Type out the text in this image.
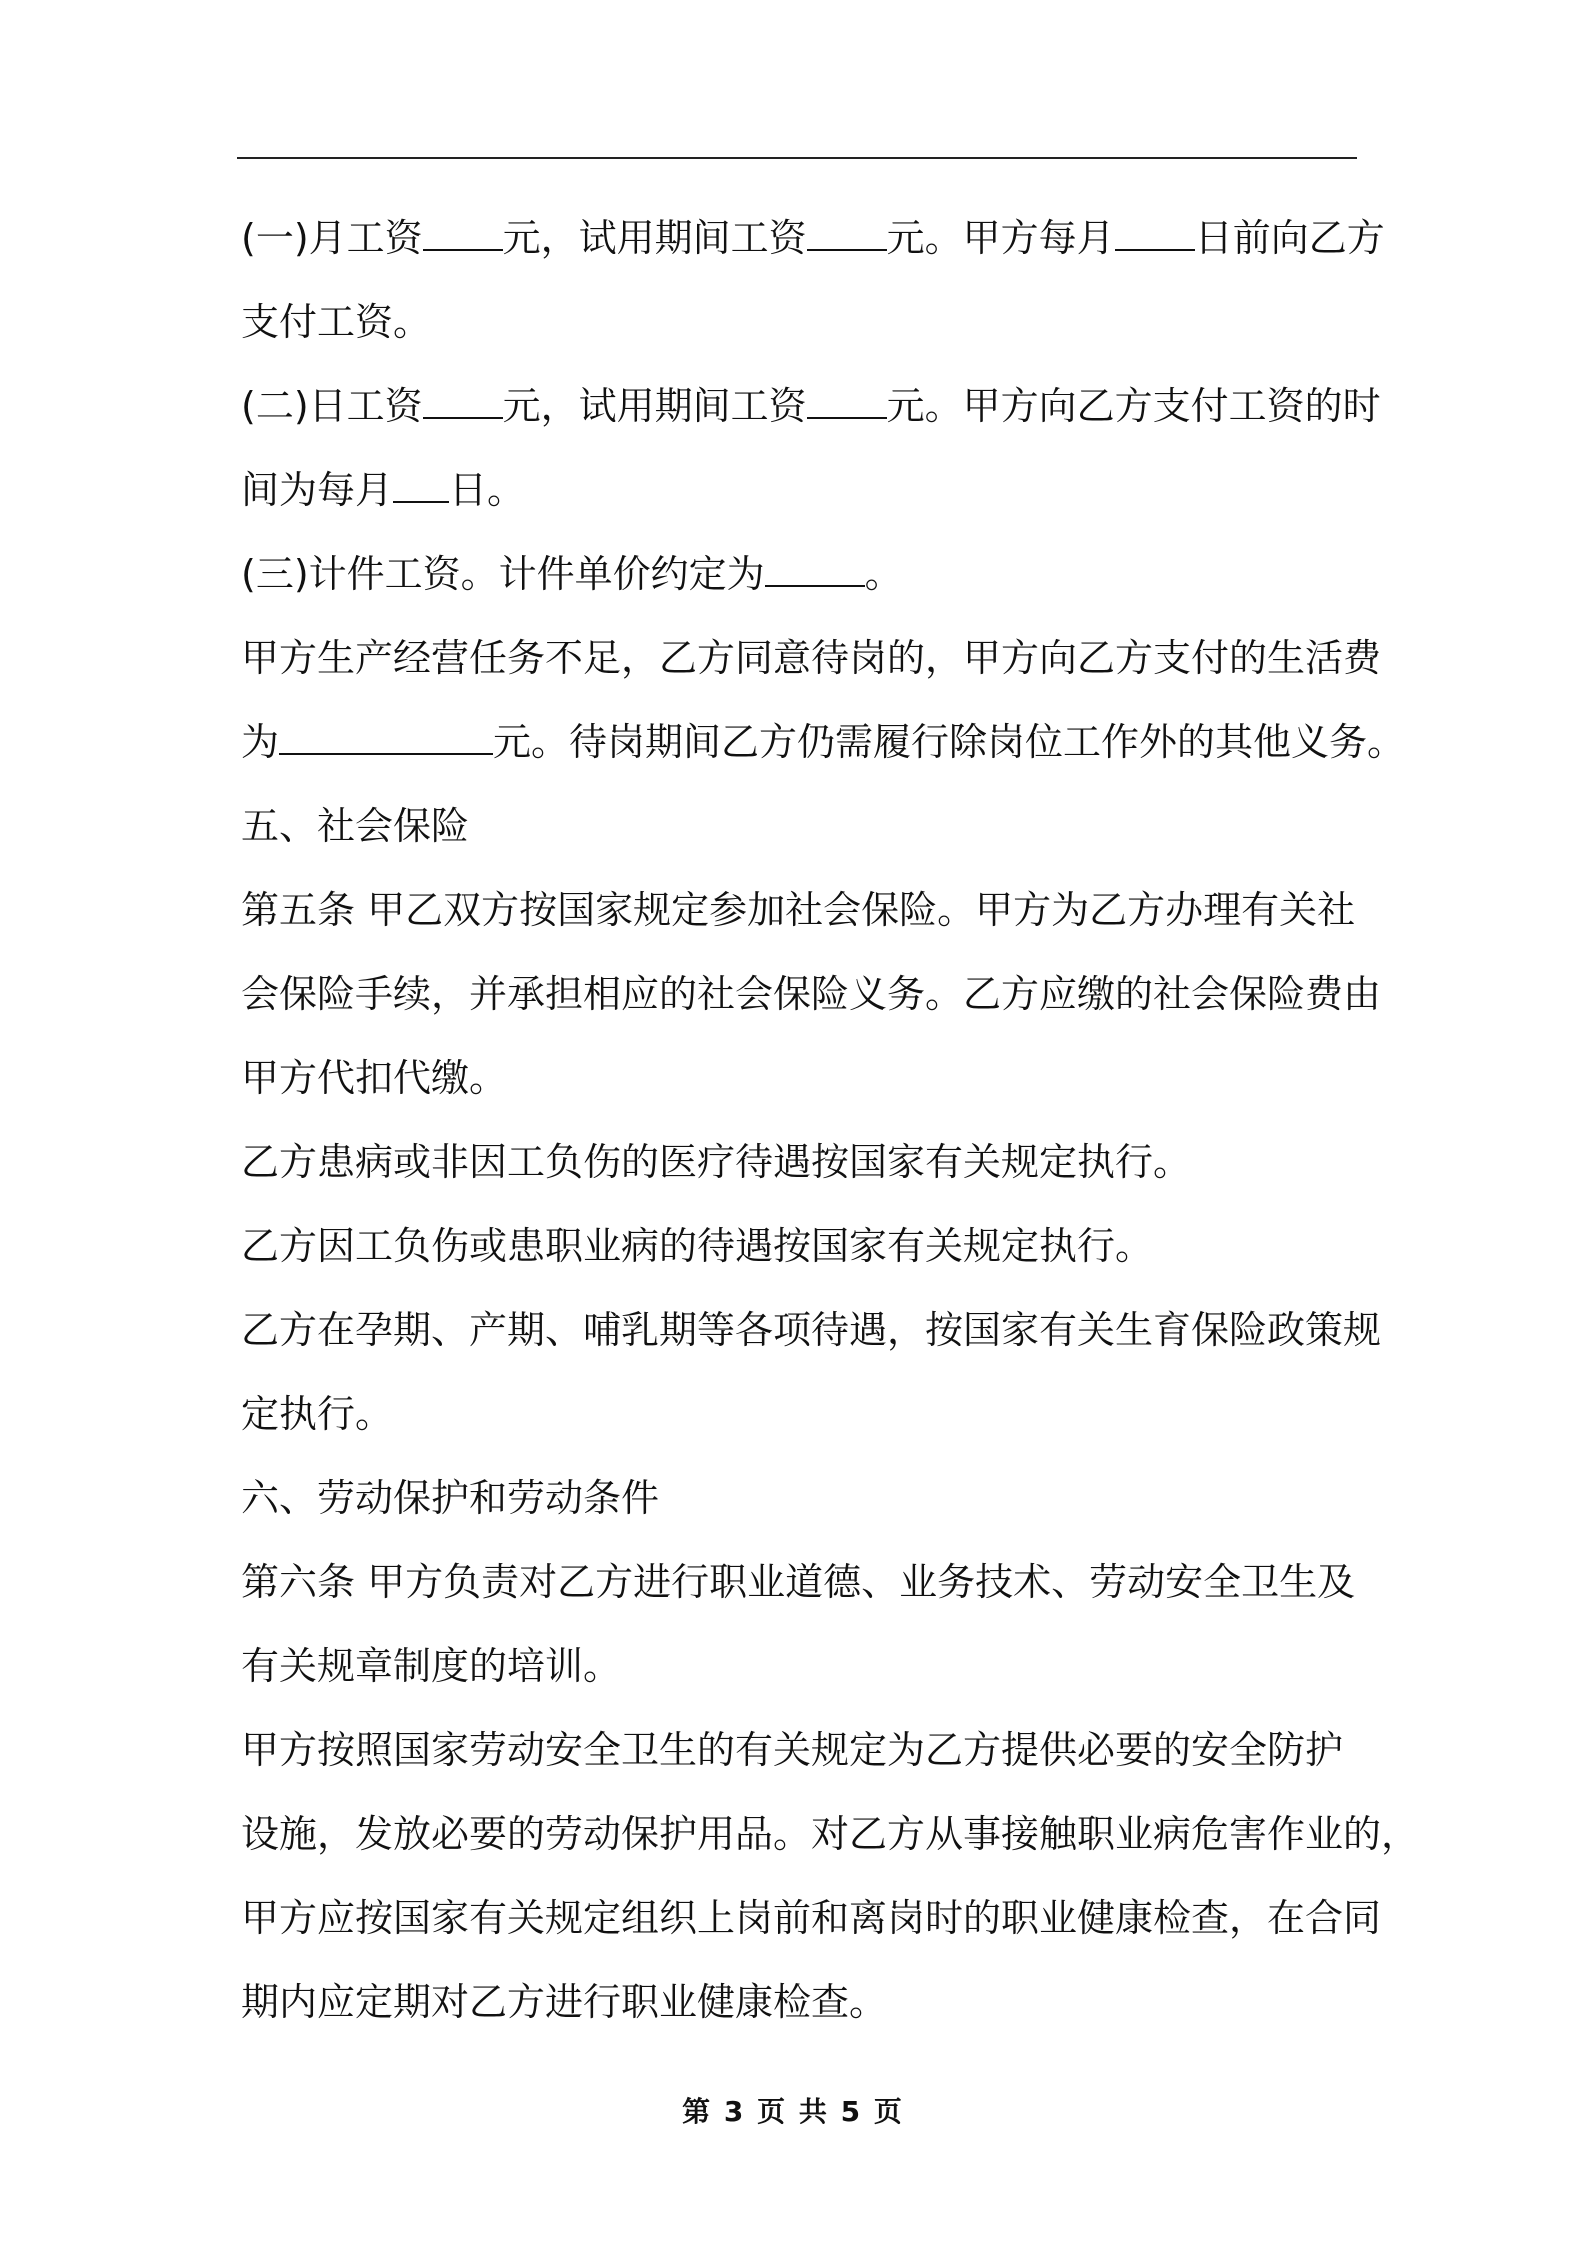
(一)月工资 元，试用期间工资 元。甲方每月 日前向乙方

支付工资。

(二)日工资 元，试用期间工资 元。甲方向乙方支付工资的时

间为每月 日。

(三)计件工资。计件单价约定为	。

甲方生产经营任务不足，乙方同意待岗的，甲方向乙方支付的生活费

为	元。待岗期间乙方仍需履行除岗位工作外的其他义务。

五、社会保险

第五条 甲乙双方按国家规定参加社会保险。甲方为乙方办理有关社

会保险手续，并承担相应的社会保险义务。乙方应缴的社会保险费由

甲方代扣代缴。

乙方患病或非因工负伤的医疗待遇按国家有关规定执行。

乙方因工负伤或患职业病的待遇按国家有关规定执行。

乙方在孕期、产期、哺乳期等各项待遇，按国家有关生育保险政策规

定执行。

六、劳动保护和劳动条件

第六条 甲方负责对乙方进行职业道德、业务技术、劳动安全卫生及

有关规章制度的培训。

甲方按照国家劳动安全卫生的有关规定为乙方提供必要的安全防护

设施，发放必要的劳动保护用品。对乙方从事接触职业病危害作业的，

甲方应按国家有关规定组织上岗前和离岗时的职业健康检查，在合同

期内应定期对乙方进行职业健康检查。

第 3 页 共 5 页
